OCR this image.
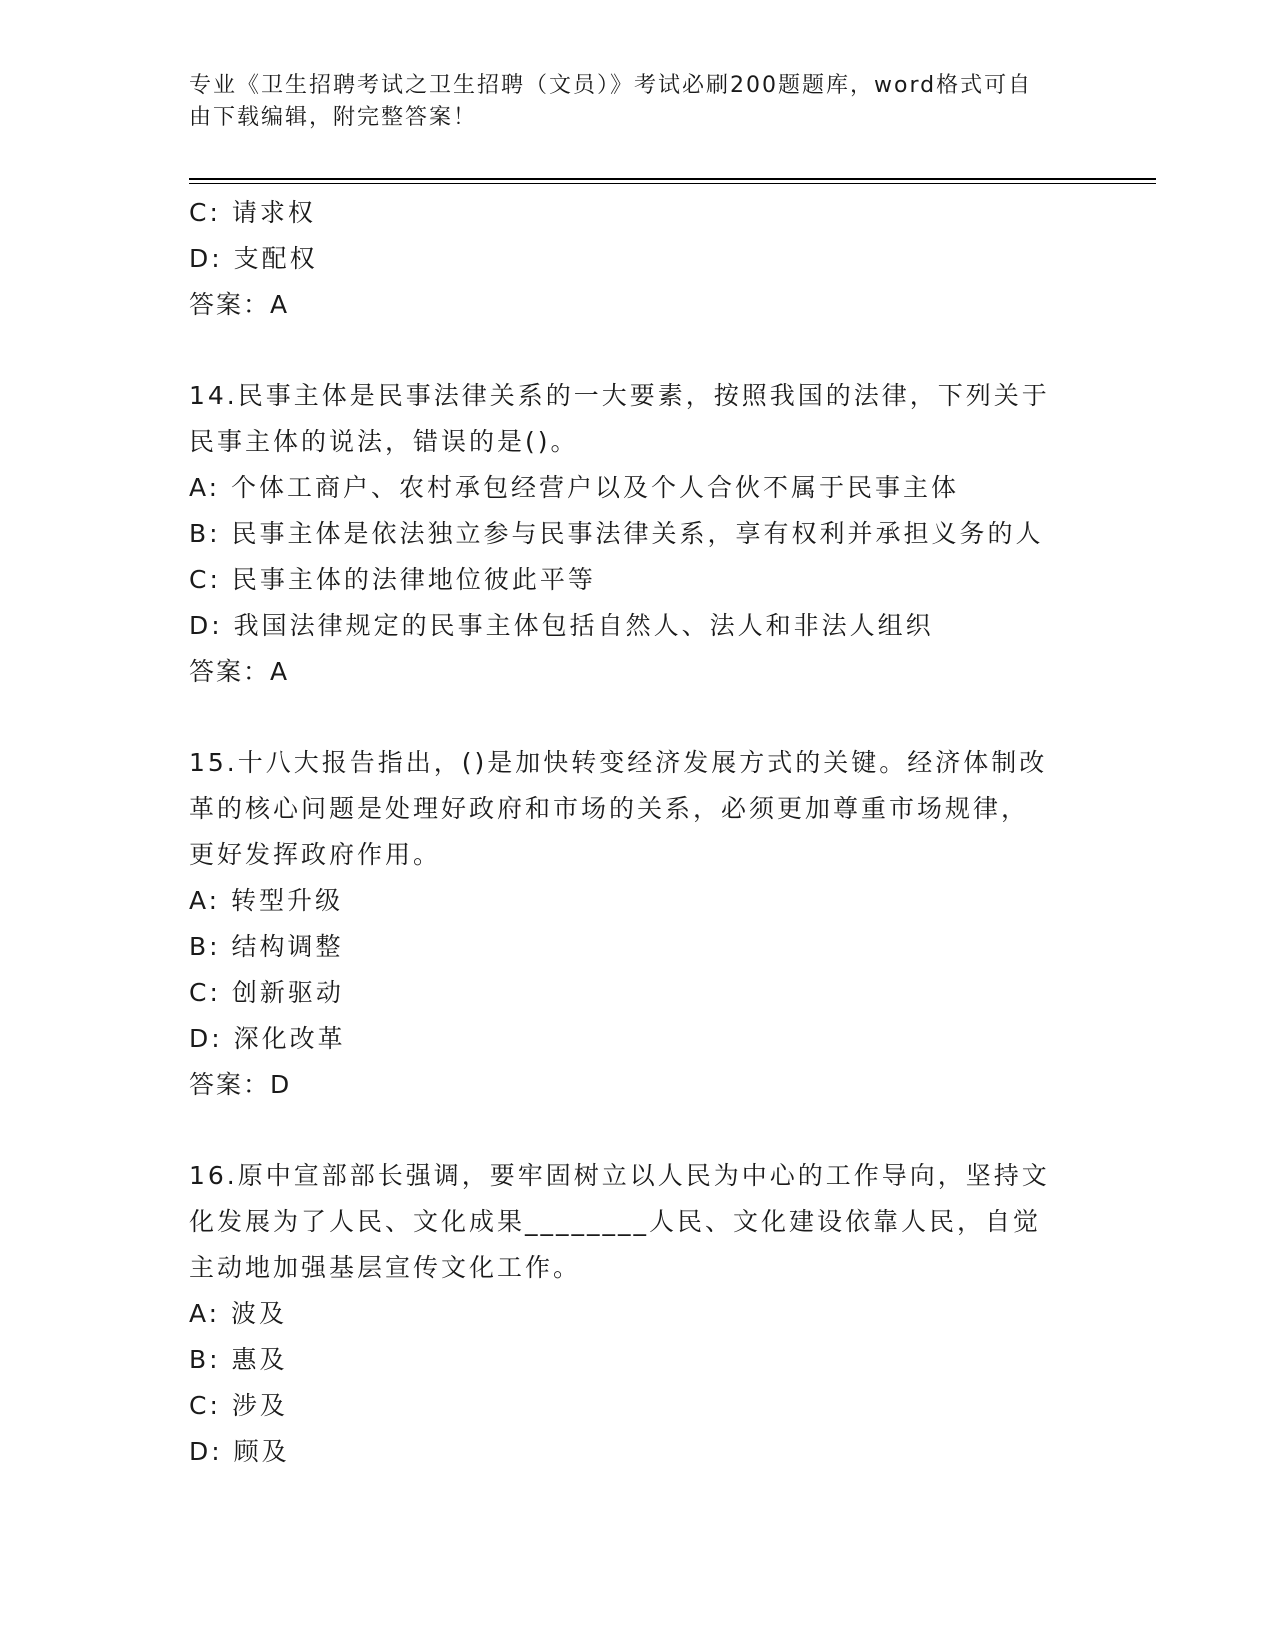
专业《卫生招聘考试之卫生招聘（文员）》考试必刷200题题库，word格式可自
由下载编辑，附完整答案！
C: 请求权
D: 支配权
答案：A
14.民事主体是民事法律关系的一大要素，按照我国的法律，下列关于
民事主体的说法，错误的是()。
A: 个体工商户、农村承包经营户以及个人合伙不属于民事主体
B: 民事主体是依法独立参与民事法律关系，享有权利并承担义务的人
C: 民事主体的法律地位彼此平等
D: 我国法律规定的民事主体包括自然人、法人和非法人组织
答案：A
15.十八大报告指出，()是加快转变经济发展方式的关键。经济体制改
革的核心问题是处理好政府和市场的关系，必须更加尊重市场规律，
更好发挥政府作用。
A: 转型升级
B: 结构调整
C: 创新驱动
D: 深化改革
答案：D
16.原中宣部部长强调，要牢固树立以人民为中心的工作导向，坚持文
化发展为了人民、文化成果________人民、文化建设依靠人民，自觉
主动地加强基层宣传文化工作。
A: 波及
B: 惠及
C: 涉及
D: 顾及
